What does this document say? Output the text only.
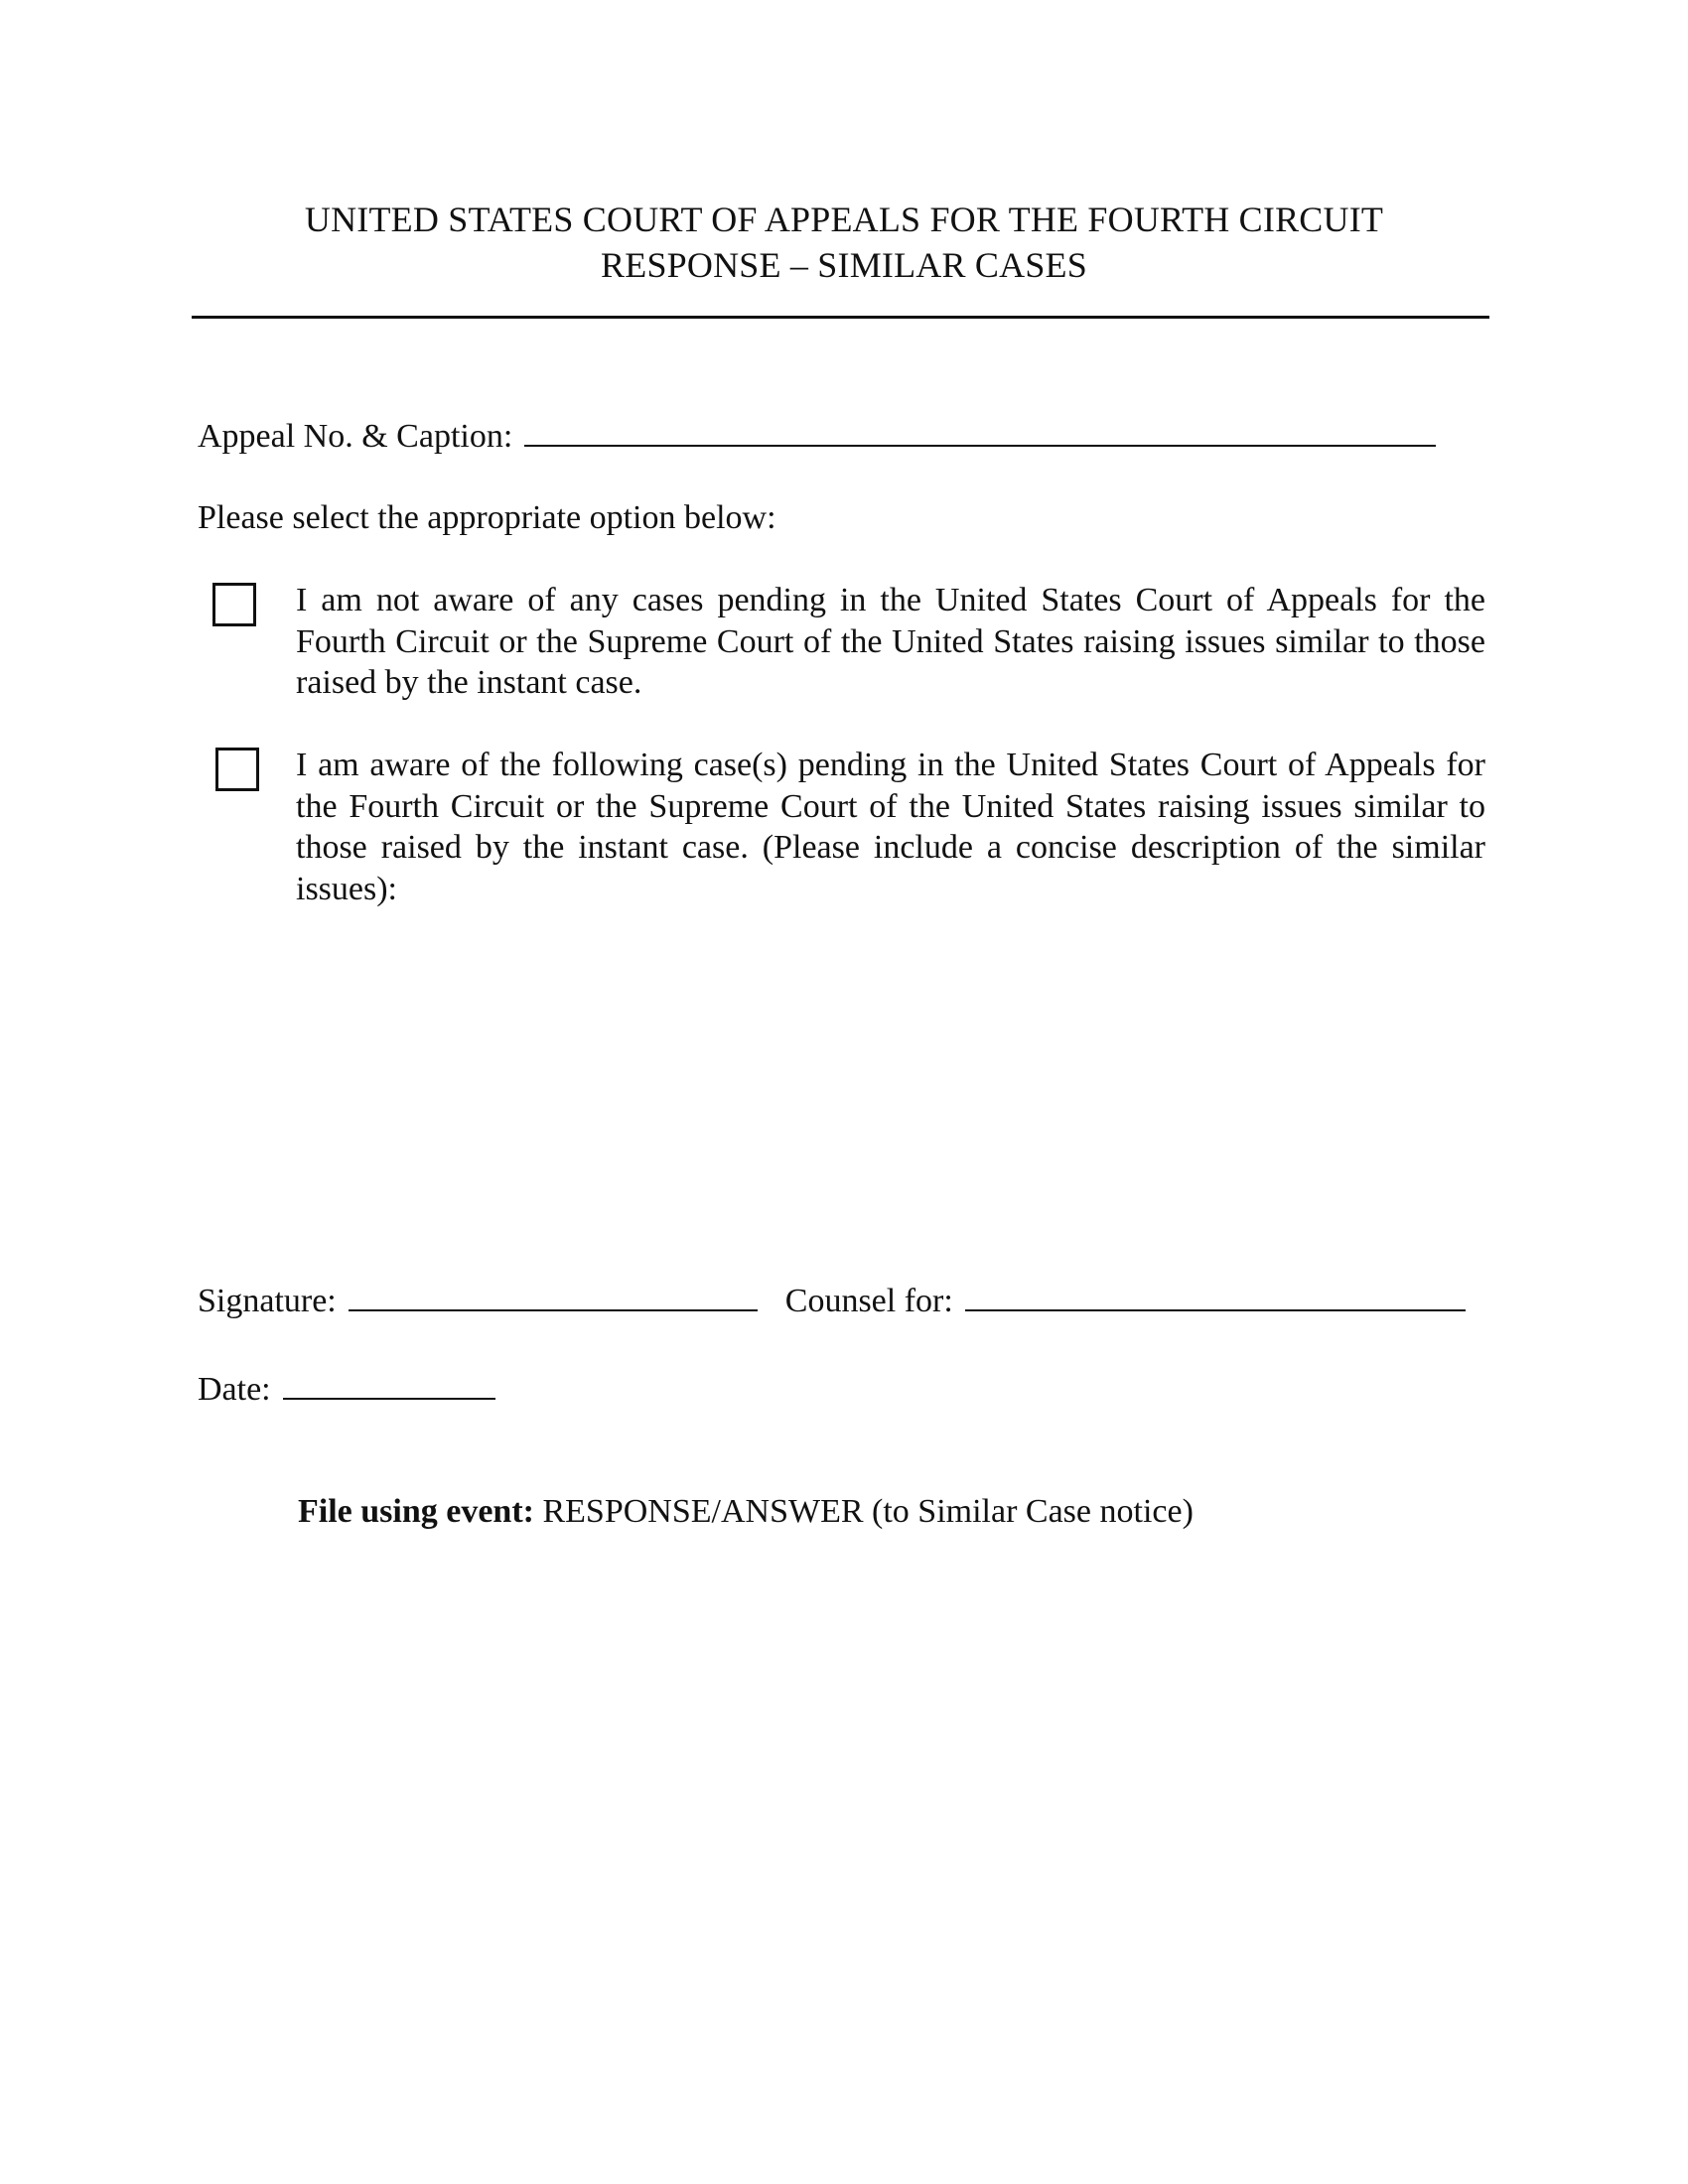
UNITED STATES COURT OF APPEALS FOR THE FOURTH CIRCUIT
RESPONSE – SIMILAR CASES
Appeal No. & Caption:
Please select the appropriate option below:
I am not aware of any cases pending in the United States Court of Appeals for the Fourth Circuit or the Supreme Court of the United States raising issues similar to those raised by the instant case.
I am aware of the following case(s) pending in the United States Court of Appeals for the Fourth Circuit or the Supreme Court of the United States raising issues similar to those raised by the instant case. (Please include a concise description of the similar issues):
Signature:	Counsel for:
Date:
File using event: RESPONSE/ANSWER (to Similar Case notice)
